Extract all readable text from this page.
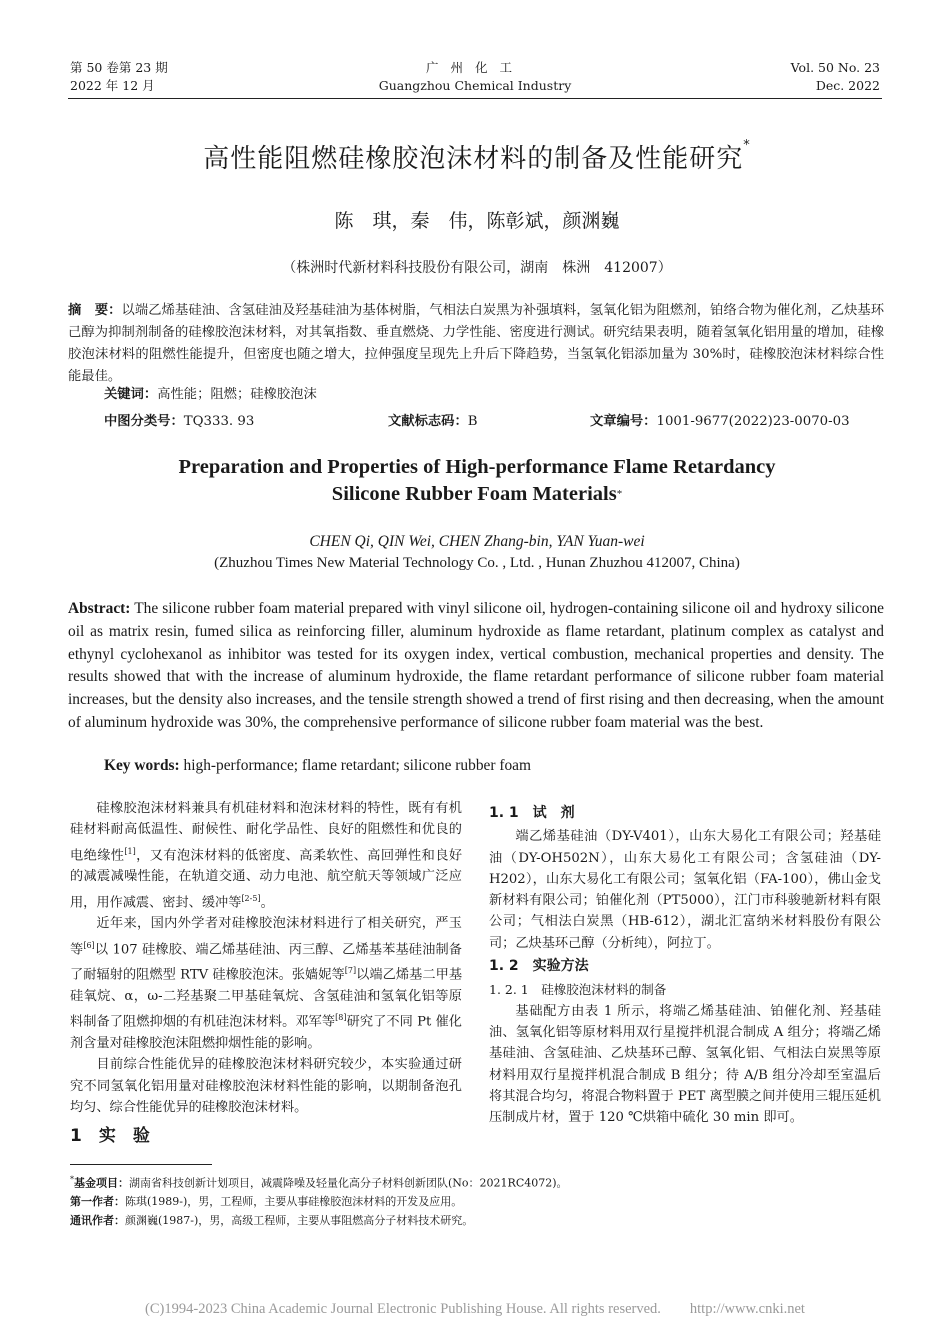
第 50 卷第 23 期
2022 年 12 月
广州化工
Guangzhou Chemical Industry
Vol. 50 No. 23
Dec. 2022
高性能阻燃硅橡胶泡沫材料的制备及性能研究*
陈　琪，秦　伟，陈彰斌，颜渊巍
（株洲时代新材料科技股份有限公司，湖南　株洲　412007）
摘　要：以端乙烯基硅油、含氢硅油及羟基硅油为基体树脂，气相法白炭黑为补强填料，氢氧化铝为阻燃剂，铂络合物为催化剂，乙炔基环己醇为抑制剂制备的硅橡胶泡沫材料，对其氧指数、垂直燃烧、力学性能、密度进行测试。研究结果表明，随着氢氧化铝用量的增加，硅橡胶泡沫材料的阻燃性能提升，但密度也随之增大，拉伸强度呈现先上升后下降趋势，当氢氧化铝添加量为 30%时，硅橡胶泡沫材料综合性能最佳。
关键词：高性能；阻燃；硅橡胶泡沫
中图分类号：TQ333. 93	文献标志码：B	文章编号：1001-9677(2022)23-0070-03
Preparation and Properties of High-performance Flame Retardancy
Silicone Rubber Foam Materials*
CHEN Qi, QIN Wei, CHEN Zhang-bin, YAN Yuan-wei
(Zhuzhou Times New Material Technology Co. , Ltd. , Hunan Zhuzhou 412007, China)
Abstract: The silicone rubber foam material prepared with vinyl silicone oil, hydrogen-containing silicone oil and hydroxy silicone oil as matrix resin, fumed silica as reinforcing filler, aluminum hydroxide as flame retardant, platinum complex as catalyst and ethynyl cyclohexanol as inhibitor was tested for its oxygen index, vertical combustion, mechanical properties and density. The results showed that with the increase of aluminum hydroxide, the flame retardant performance of silicone rubber foam material increases, but the density also increases, and the tensile strength showed a trend of first rising and then decreasing, when the amount of aluminum hydroxide was 30%, the comprehensive performance of silicone rubber foam material was the best.
Key words: high-performance; flame retardant; silicone rubber foam

硅橡胶泡沫材料兼具有机硅材料和泡沫材料的特性，既有有机硅材料耐高低温性、耐候性、耐化学品性、良好的阻燃性和优良的电绝缘性[1]，又有泡沫材料的低密度、高柔软性、高回弹性和良好的减震减噪性能，在轨道交通、动力电池、航空航天等领域广泛应用，用作减震、密封、缓冲等[2-5]。

近年来，国内外学者对硅橡胶泡沫材料进行了相关研究，严玉等[6]以 107 硅橡胶、端乙烯基硅油、丙三醇、乙烯基苯基硅油制备了耐辐射的阻燃型 RTV 硅橡胶泡沫。张嫱妮等[7]以端乙烯基二甲基硅氧烷、α，ω-二羟基聚二甲基硅氧烷、含氢硅油和氢氧化铝等原料制备了阻燃抑烟的有机硅泡沫材料。邓军等[8]研究了不同 Pt 催化剂含量对硅橡胶泡沫阻燃抑烟性能的影响。

目前综合性能优异的硅橡胶泡沫材料研究较少，本实验通过研究不同氢氧化铝用量对硅橡胶泡沫材料性能的影响，以期制备泡孔均匀、综合性能优异的硅橡胶泡沫材料。

1　实　验
1. 1　试　剂

端乙烯基硅油（DY-V401），山东大易化工有限公司；羟基硅油（DY-OH502N），山东大易化工有限公司；含氢硅油（DY-H202），山东大易化工有限公司；氢氧化铝（FA-100），佛山金戈新材料有限公司；铂催化剂（PT5000），江门市科骏驰新材料有限公司；气相法白炭黑（HB-612），湖北汇富纳米材料股份有限公司；乙炔基环己醇（分析纯），阿拉丁。

1. 2　实验方法
1. 2. 1　硅橡胶泡沫材料的制备

基础配方由表 1 所示，将端乙烯基硅油、铂催化剂、羟基硅油、氢氧化铝等原材料用双行星搅拌机混合制成 A 组分；将端乙烯基硅油、含氢硅油、乙炔基环己醇、氢氧化铝、气相法白炭黑等原材料用双行星搅拌机混合制成 B 组分；待 A/B 组分冷却至室温后将其混合均匀，将混合物料置于 PET 离型膜之间并使用三辊压延机压制成片材，置于 120 ℃烘箱中硫化 30 min 即可。

*基金项目：湖南省科技创新计划项目，减震降噪及轻量化高分子材料创新团队(No：2021RC4072)。
第一作者：陈琪(1989-)，男，工程师，主要从事硅橡胶泡沫材料的开发及应用。
通讯作者：颜渊巍(1987-)，男，高级工程师，主要从事阻燃高分子材料技术研究。
(C)1994-2023 China Academic Journal Electronic Publishing House. All rights reserved.　　http://www.cnki.net
